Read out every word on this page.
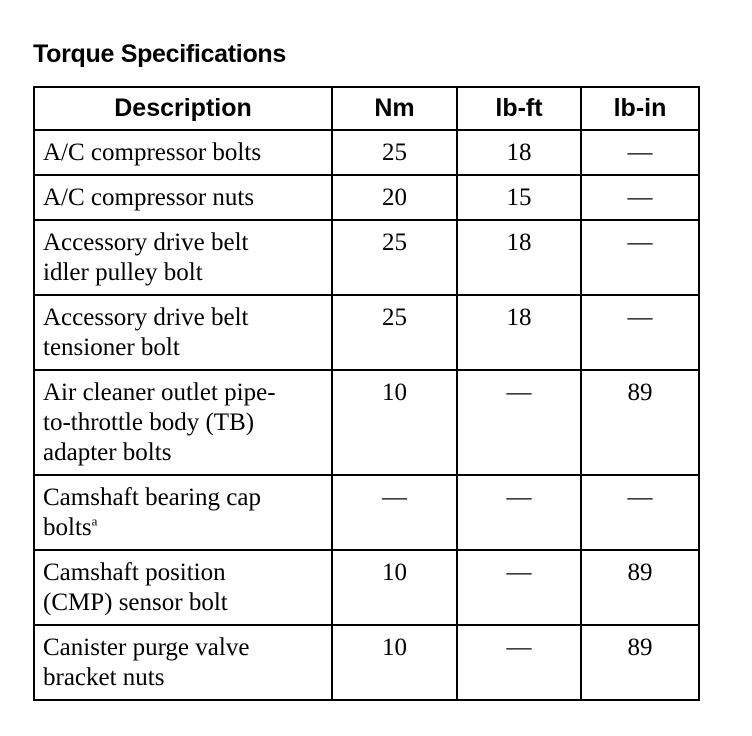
Torque Specifications
Description	Nm	lb-ft	lb-in
A/C compressor bolts	25	18	—
A/C compressor nuts	20	15	—
Accessory drive belt idler pulley bolt	25	18	—
Accessory drive belt tensioner bolt	25	18	—
Air cleaner outlet pipe-to-throttle body (TB) adapter bolts	10	—	89
Camshaft bearing cap bolts$^a$	—	—	—
Camshaft position (CMP) sensor bolt	10	—	89
Canister purge valve bracket nuts	10	—	89
